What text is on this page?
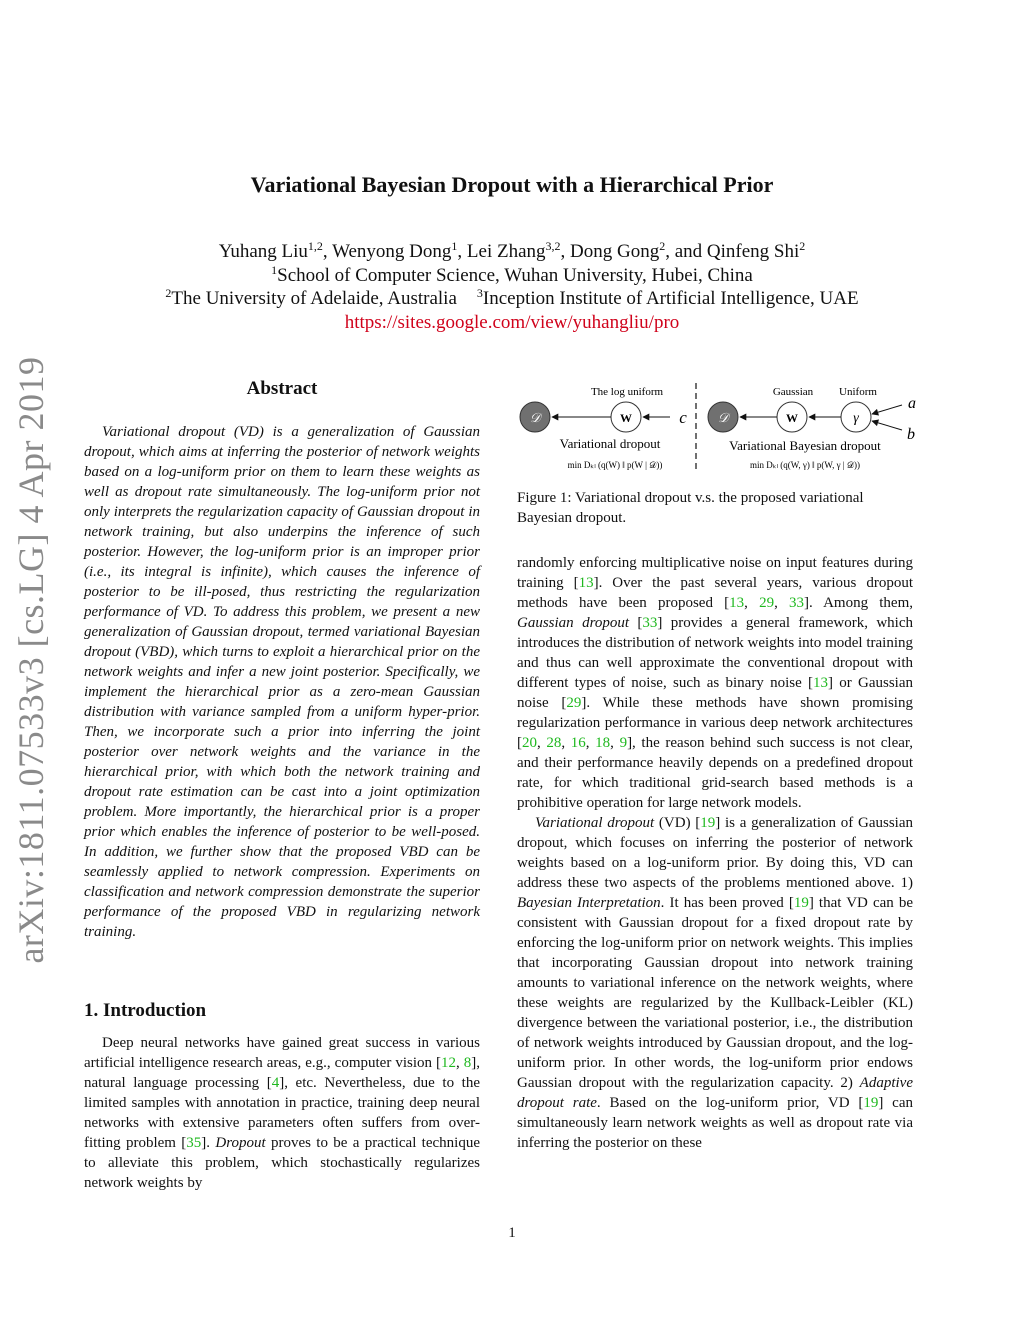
arXiv:1811.07533v3 [cs.LG] 4 Apr 2019
Variational Bayesian Dropout with a Hierarchical Prior
Yuhang Liu$^{1,2}$, Wenyong Dong$^1$, Lei Zhang$^{3,2}$, Dong Gong$^2$, and Qinfeng Shi$^2$
$^1$School of Computer Science, Wuhan University, Hubei, China
$^2$The University of Adelaide, Australia $^3$Inception Institute of Artificial Intelligence, UAE
https://sites.google.com/view/yuhangliu/pro
Abstract

Variational dropout (VD) is a generalization of Gaussian dropout, which aims at inferring the posterior of network weights based on a log-uniform prior on them to learn these weights as well as dropout rate simultaneously. The log-uniform prior not only interprets the regularization capacity of Gaussian dropout in network training, but also underpins the inference of such posterior. However, the log-uniform prior is an improper prior (i.e., its integral is infinite), which causes the inference of posterior to be ill-posed, thus restricting the regularization performance of VD. To address this problem, we present a new generalization of Gaussian dropout, termed variational Bayesian dropout (VBD), which turns to exploit a hierarchical prior on the network weights and infer a new joint posterior. Specifically, we implement the hierarchical prior as a zero-mean Gaussian distribution with variance sampled from a uniform hyper-prior. Then, we incorporate such a prior into inferring the joint posterior over network weights and the variance in the hierarchical prior, with which both the network training and dropout rate estimation can be cast into a joint optimization problem. More importantly, the hierarchical prior is a proper prior which enables the inference of posterior to be well-posed. In addition, we further show that the proposed VBD can be seamlessly applied to network compression. Experiments on classification and network compression demonstrate the superior performance of the proposed VBD in regularizing network training.

1. Introduction

Deep neural networks have gained great success in various artificial intelligence research areas, e.g., computer vision [12, 8], natural language processing [4], etc. Nevertheless, due to the limited samples with annotation in practice, training deep neural networks with extensive parameters often suffers from over-fitting problem [35]. Dropout proves to be a practical technique to alleviate this problem, which stochastically regularizes network weights by

The log uniform
𝒟	W	c
Variational dropout
min Dₖₗ (q(W) ‖ p(W | 𝒟))
Gaussian Uniform
𝒟	W	γ
a
b
Variational Bayesian dropout
min Dₖₗ (q(W, γ) ‖ p(W, γ | 𝒟))

Figure 1: Variational dropout v.s. the proposed variational Bayesian dropout.

randomly enforcing multiplicative noise on input features during training [13]. Over the past several years, various dropout methods have been proposed [13, 29, 33]. Among them, Gaussian dropout [33] provides a general framework, which introduces the distribution of network weights into model training and thus can well approximate the conventional dropout with different types of noise, such as binary noise [13] or Gaussian noise [29]. While these methods have shown promising regularization performance in various deep network architectures [20, 28, 16, 18, 9], the reason behind such success is not clear, and their performance heavily depends on a predefined dropout rate, for which traditional grid-search based methods is a prohibitive operation for large network models.

Variational dropout (VD) [19] is a generalization of Gaussian dropout, which focuses on inferring the posterior of network weights based on a log-uniform prior. By doing this, VD can address these two aspects of the problems mentioned above. 1) Bayesian Interpretation. It has been proved [19] that VD can be consistent with Gaussian dropout for a fixed dropout rate by enforcing the log-uniform prior on network weights. This implies that incorporating Gaussian dropout into network training amounts to variational inference on the network weights, where these weights are regularized by the Kullback-Leibler (KL) divergence between the variational posterior, i.e., the distribution of network weights introduced by Gaussian dropout, and the log-uniform prior. In other words, the log-uniform prior endows Gaussian dropout with the regularization capacity. 2) Adaptive dropout rate. Based on the log-uniform prior, VD [19] can simultaneously learn network weights as well as dropout rate via inferring the posterior on these

1
